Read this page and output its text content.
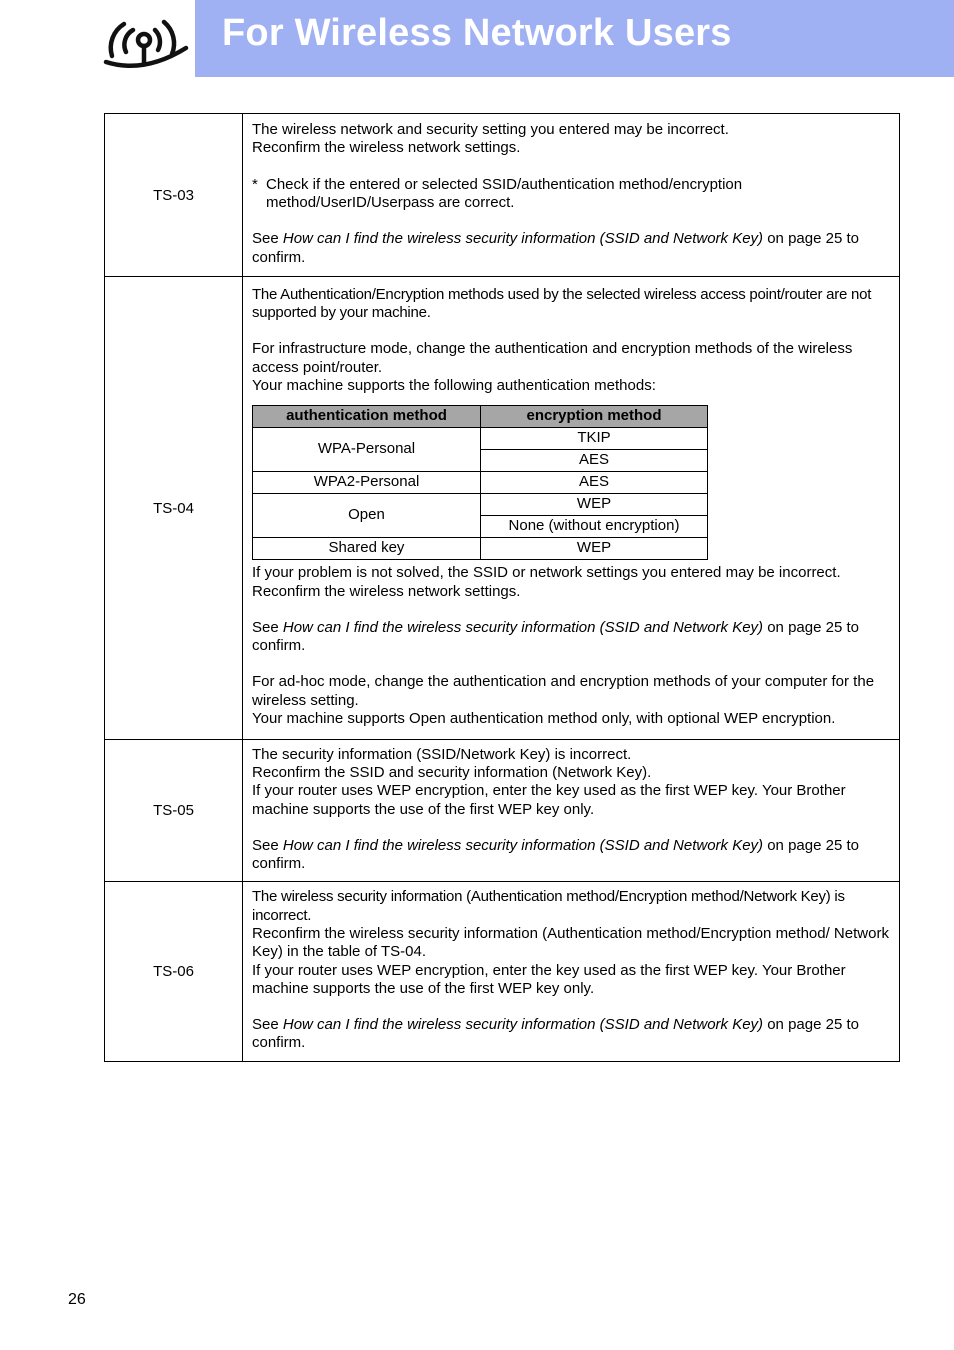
For Wireless Network Users
TS-03	

The wireless network and security setting you entered may be incorrect.

Reconfirm the wireless network settings.

* Check if the entered or selected SSID/authentication method/encryption method/UserID/Userpass are correct.

See How can I find the wireless security information (SSID and Network Key) on page 25 to confirm.

TS-04	

The Authentication/Encryption methods used by the selected wireless access point/router are not supported by your machine.

For infrastructure mode, change the authentication and encryption methods of the wireless access point/router.

Your machine supports the following authentication methods:

authentication method	encryption method
WPA-Personal	TKIP
AES
WPA2-Personal	AES
Open	WEP
None (without encryption)
Shared key	WEP

If your problem is not solved, the SSID or network settings you entered may be incorrect.

Reconfirm the wireless network settings.

See How can I find the wireless security information (SSID and Network Key) on page 25 to confirm.

For ad-hoc mode, change the authentication and encryption methods of your computer for the wireless setting.

Your machine supports Open authentication method only, with optional WEP encryption.

TS-05	

The security information (SSID/Network Key) is incorrect.

Reconfirm the SSID and security information (Network Key).

If your router uses WEP encryption, enter the key used as the first WEP key. Your Brother machine supports the use of the first WEP key only.

See How can I find the wireless security information (SSID and Network Key) on page 25 to confirm.

TS-06	

The wireless security information (Authentication method/Encryption method/Network Key) is incorrect.

Reconfirm the wireless security information (Authentication method/Encryption method/ Network Key) in the table of TS-04.

If your router uses WEP encryption, enter the key used as the first WEP key. Your Brother machine supports the use of the first WEP key only.

See How can I find the wireless security information (SSID and Network Key) on page 25 to confirm.

26
